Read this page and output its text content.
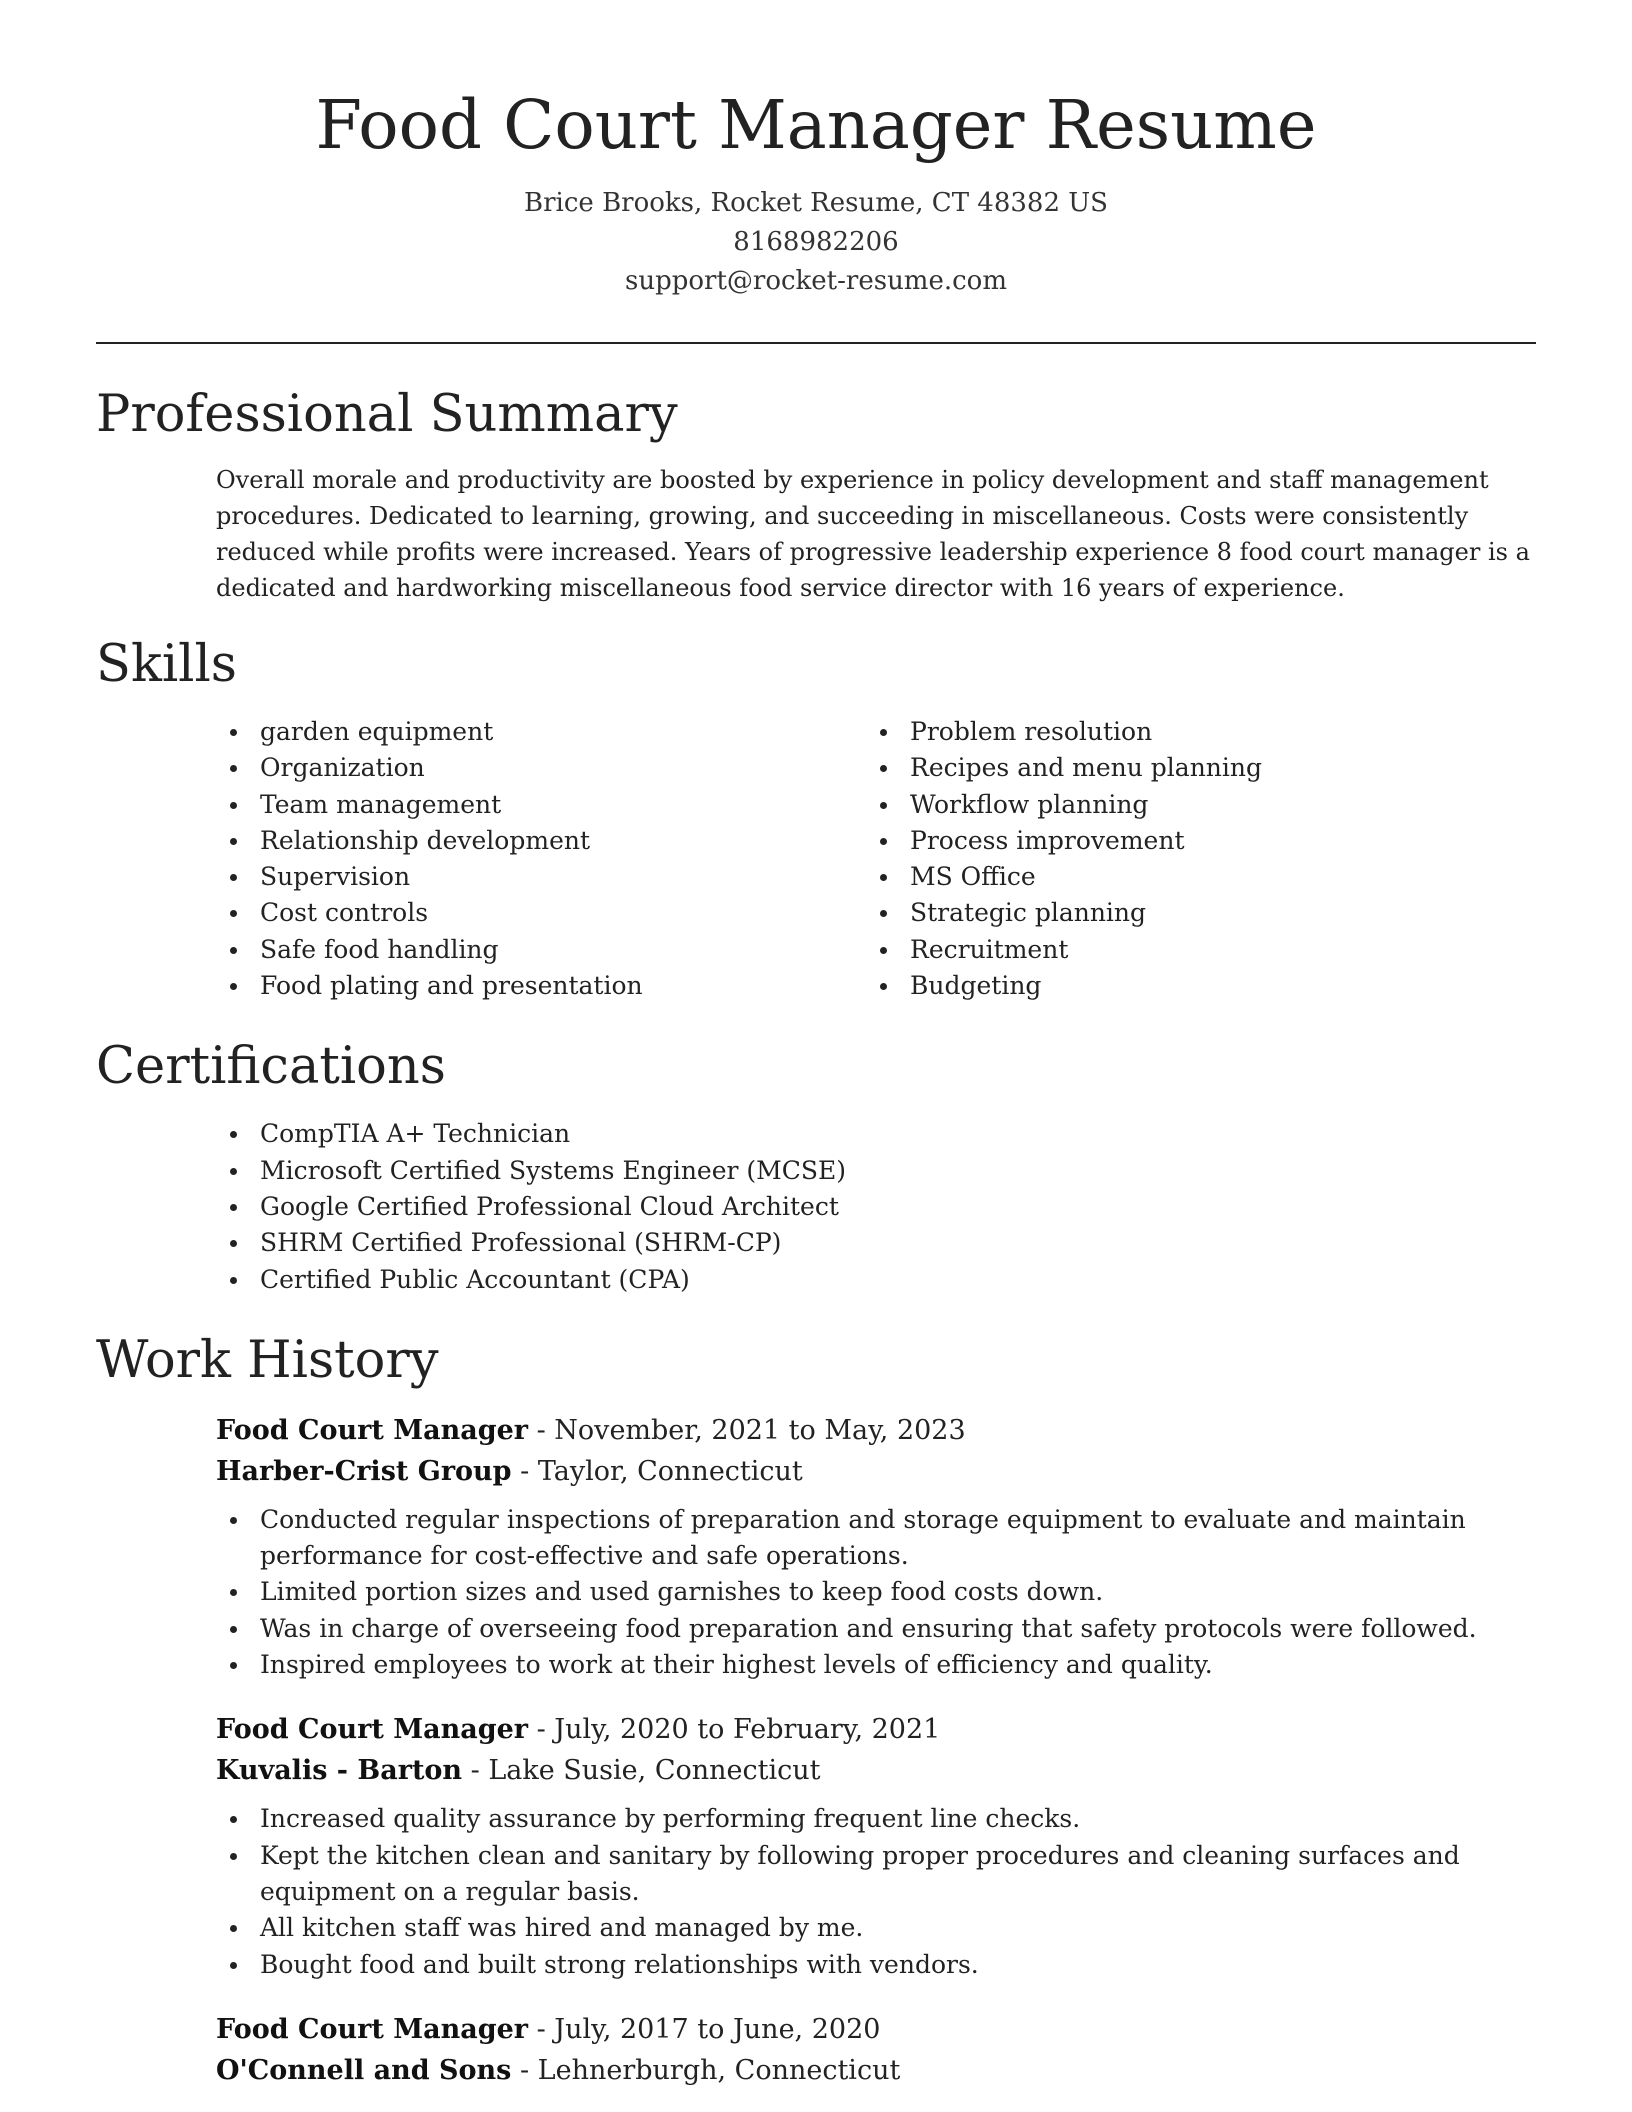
Food Court Manager Resume
Brice Brooks, Rocket Resume, CT 48382 US
8168982206
support@rocket-resume.com
Professional Summary

Overall morale and productivity are boosted by experience in policy development and staff management procedures. Dedicated to learning, growing, and succeeding in miscellaneous. Costs were consistently reduced while profits were increased. Years of progressive leadership experience 8 food court manager is a dedicated and hardworking miscellaneous food service director with 16 years of experience.

Skills
garden equipment
Organization
Team management
Relationship development
Supervision
Cost controls
Safe food handling
Food plating and presentation
Problem resolution
Recipes and menu planning
Workflow planning
Process improvement
MS Office
Strategic planning
Recruitment
Budgeting
Certifications
CompTIA A+ Technician
Microsoft Certified Systems Engineer (MCSE)
Google Certified Professional Cloud Architect
SHRM Certified Professional (SHRM-CP)
Certified Public Accountant (CPA)
Work History
Food Court Manager - November, 2021 to May, 2023
Harber-Crist Group - Taylor, Connecticut
Conducted regular inspections of preparation and storage equipment to evaluate and maintain performance for cost-effective and safe operations.
Limited portion sizes and used garnishes to keep food costs down.
Was in charge of overseeing food preparation and ensuring that safety protocols were followed.
Inspired employees to work at their highest levels of efficiency and quality.
Food Court Manager - July, 2020 to February, 2021
Kuvalis - Barton - Lake Susie, Connecticut
Increased quality assurance by performing frequent line checks.
Kept the kitchen clean and sanitary by following proper procedures and cleaning surfaces and equipment on a regular basis.
All kitchen staff was hired and managed by me.
Bought food and built strong relationships with vendors.
Food Court Manager - July, 2017 to June, 2020
O'Connell and Sons - Lehnerburgh, Connecticut
